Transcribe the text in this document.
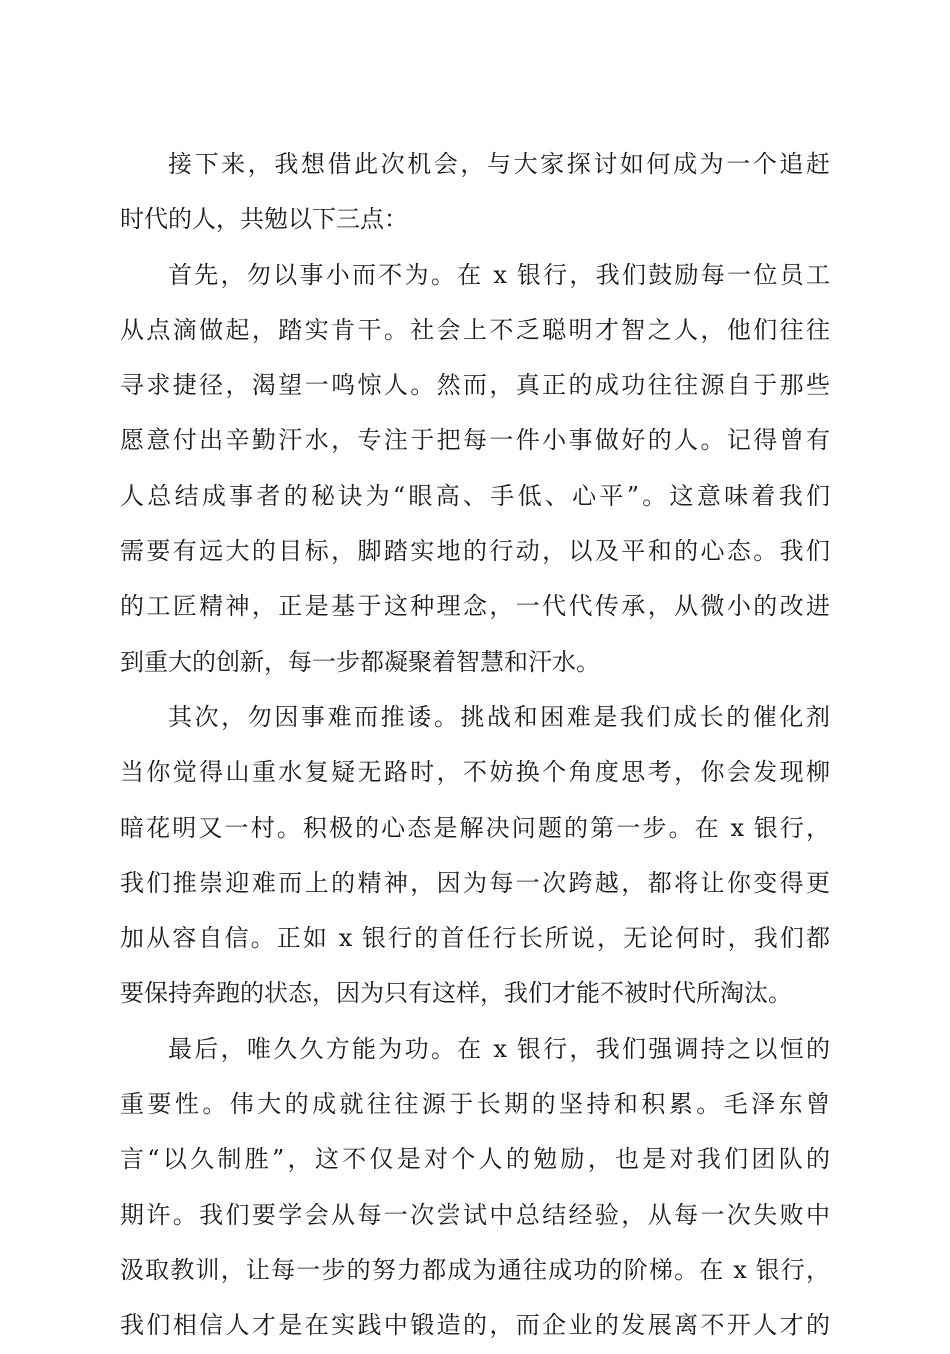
接下来，我想借此次机会，与大家探讨如何成为一个追赶
时代的人，共勉以下三点：
首先，勿以事小而不为。在 x 银行，我们鼓励每一位员工
从点滴做起，踏实肯干。社会上不乏聪明才智之人，他们往往
寻求捷径，渴望一鸣惊人。然而，真正的成功往往源自于那些
愿意付出辛勤汗水，专注于把每一件小事做好的人。记得曾有
人总结成事者的秘诀为“眼高、手低、心平”。这意味着我们
需要有远大的目标，脚踏实地的行动，以及平和的心态。我们
的工匠精神，正是基于这种理念，一代代传承，从微小的改进
到重大的创新，每一步都凝聚着智慧和汗水。
其次，勿因事难而推诿。挑战和困难是我们成长的催化剂
当你觉得山重水复疑无路时，不妨换个角度思考，你会发现柳
暗花明又一村。积极的心态是解决问题的第一步。在 x 银行，
我们推崇迎难而上的精神，因为每一次跨越，都将让你变得更
加从容自信。正如 x 银行的首任行长所说，无论何时，我们都
要保持奔跑的状态，因为只有这样，我们才能不被时代所淘汰。
最后，唯久久方能为功。在 x 银行，我们强调持之以恒的
重要性。伟大的成就往往源于长期的坚持和积累。毛泽东曾
言“以久制胜”，这不仅是对个人的勉励，也是对我们团队的
期许。我们要学会从每一次尝试中总结经验，从每一次失败中
汲取教训，让每一步的努力都成为通往成功的阶梯。在 x 银行，
我们相信人才是在实践中锻造的，而企业的发展离不开人才的
